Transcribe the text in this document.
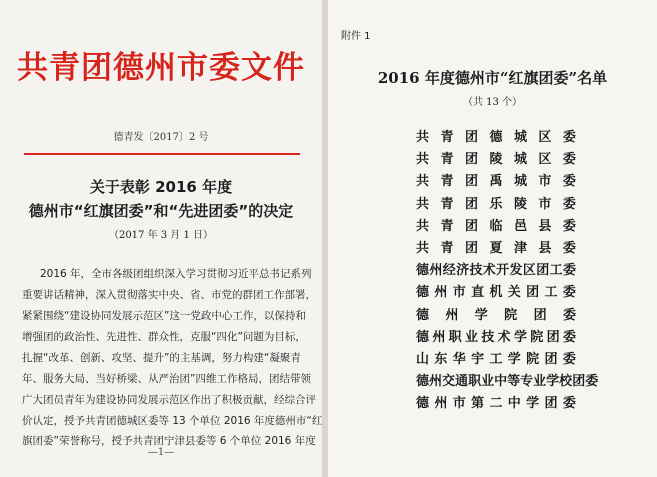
共青团德州市委文件
德青发〔2017〕2 号
关于表彰 2016 年度
德州市“红旗团委”和“先进团委”的决定
（2017 年 3 月 1 日）
2016 年，全市各级团组织深入学习贯彻习近平总书记系列
重要讲话精神，深入贯彻落实中央、省、市党的群团工作部署，
紧紧围绕“建设协同发展示范区”这一党政中心工作，以保持和
增强团的政治性、先进性、群众性，克服“四化”问题为目标，
扎握“改革、创新、攻坚、提升”的主基调，努力构建“凝聚青
年、服务大局、当好桥梁、从严治团”四维工作格局，团结带领
广大团员青年为建设协同发展示范区作出了积极贡献，经综合评
价认定，授予共青团德城区委等 13 个单位 2016 年度德州市“红
旗团委”荣誉称号，授予共青团宁津县委等 6 个单位 2016 年度
—1—
附件 1
2016 年度德州市“红旗团委”名单
（共 13 个）
共 青 团 德 城 区 委
共 青 团 陵 城 区 委
共 青 团 禹 城 市 委
共 青 团 乐 陵 市 委
共 青 团 临 邑 县 委
共 青 团 夏 津 县 委
德 州 经 济 技 术 开 发 区 团 工 委
德 州 市 直 机 关 团 工 委
德 州 学 院 团 委
德 州 职 业 技 术 学 院 团 委
山 东 华 宇 工 学 院 团 委
德 州 交 通 职 业 中 等 专 业 学 校 团 委
德 州 市 第 二 中 学 团 委
